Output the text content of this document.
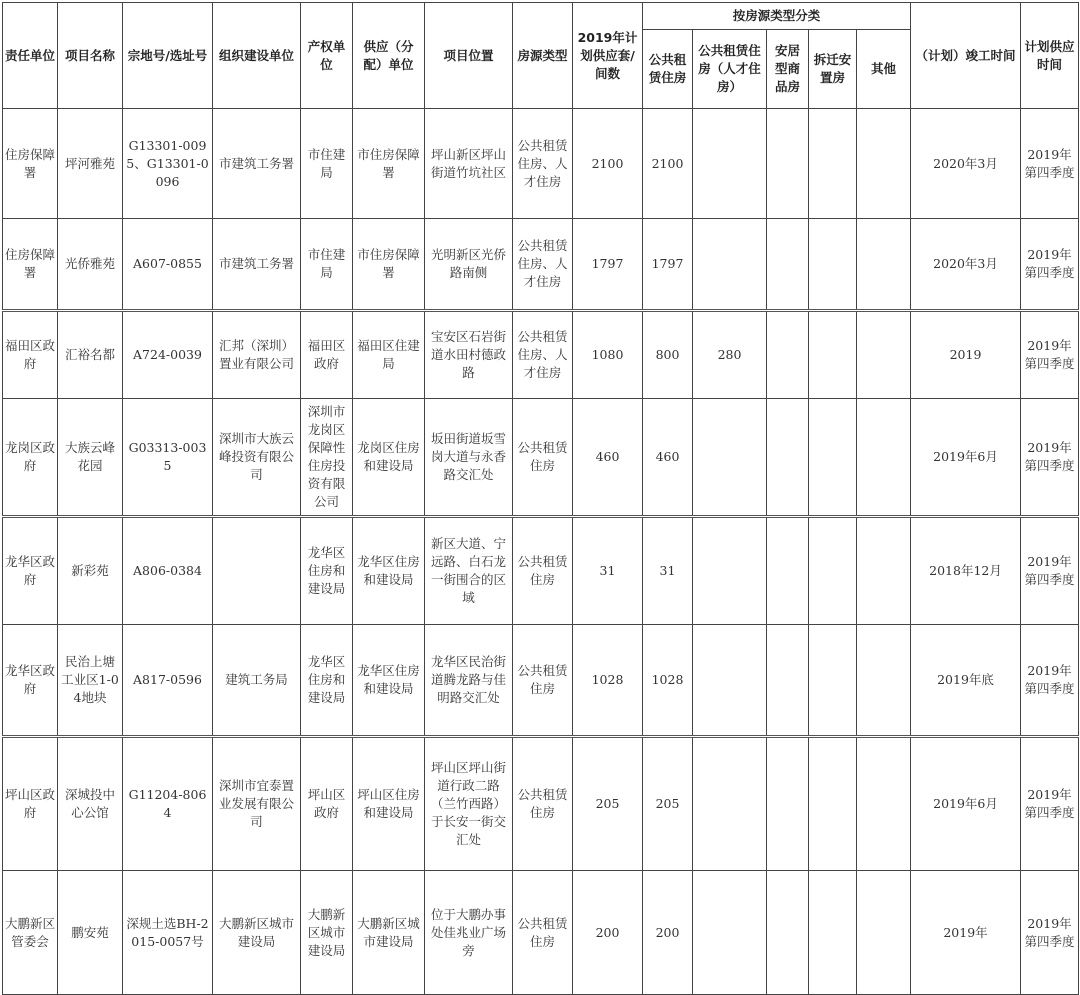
责任单位	项目名称	宗地号/选址号	组织建设单位	产权单位	供应（分配）单位	项目位置	房源类型	2019年计划供应套/间数	按房源类型分类					（计划）竣工时间	计划供应时间
									公共租赁住房	公共租赁住房（人才住房）	安居型商品房	拆迁安置房	其他		
住房保障署	坪河雅苑	G13301-0095、G13301-0096	市建筑工务署	市住建局	市住房保障署	坪山新区坪山街道竹坑社区	公共租赁住房、人才住房	2100	2100					2020年3月	2019年第四季度
住房保障署	光侨雅苑	A607-0855	市建筑工务署	市住建局	市住房保障署	光明新区光侨路南侧	公共租赁住房、人才住房	1797	1797					2020年3月	2019年第四季度
福田区政府	汇裕名都	A724-0039	汇邦（深圳）置业有限公司	福田区政府	福田区住建局	宝安区石岩街道水田村德政路	公共租赁住房、人才住房	1080	800	280				2019	2019年第四季度
龙岗区政府	大族云峰花园	G03313-0035	深圳市大族云峰投资有限公司	深圳市龙岗区保障性住房投资有限公司	龙岗区住房和建设局	坂田街道坂雪岗大道与永香路交汇处	公共租赁住房	460	460					2019年6月	2019年第四季度
龙华区政府	新彩苑	A806-0384		龙华区住房和建设局	龙华区住房和建设局	新区大道、宁远路、白石龙一街围合的区域	公共租赁住房	31	31					2018年12月	2019年第四季度
龙华区政府	民治上塘工业区1-04地块	A817-0596	建筑工务局	龙华区住房和建设局	龙华区住房和建设局	龙华区民治街道腾龙路与佳明路交汇处	公共租赁住房	1028	1028					2019年底	2019年第四季度
坪山区政府	深城投中心公馆	G11204-8064	深圳市宜泰置业发展有限公司	坪山区政府	坪山区住房和建设局	坪山区坪山街道行政二路（兰竹西路）于长安一街交汇处	公共租赁住房	205	205					2019年6月	2019年第四季度
大鹏新区管委会	鹏安苑	深规土选BH-2015-0057号	大鹏新区城市建设局	大鹏新区城市建设局	大鹏新区城市建设局	位于大鹏办事处佳兆业广场旁	公共租赁住房	200	200					2019年	2019年第四季度
